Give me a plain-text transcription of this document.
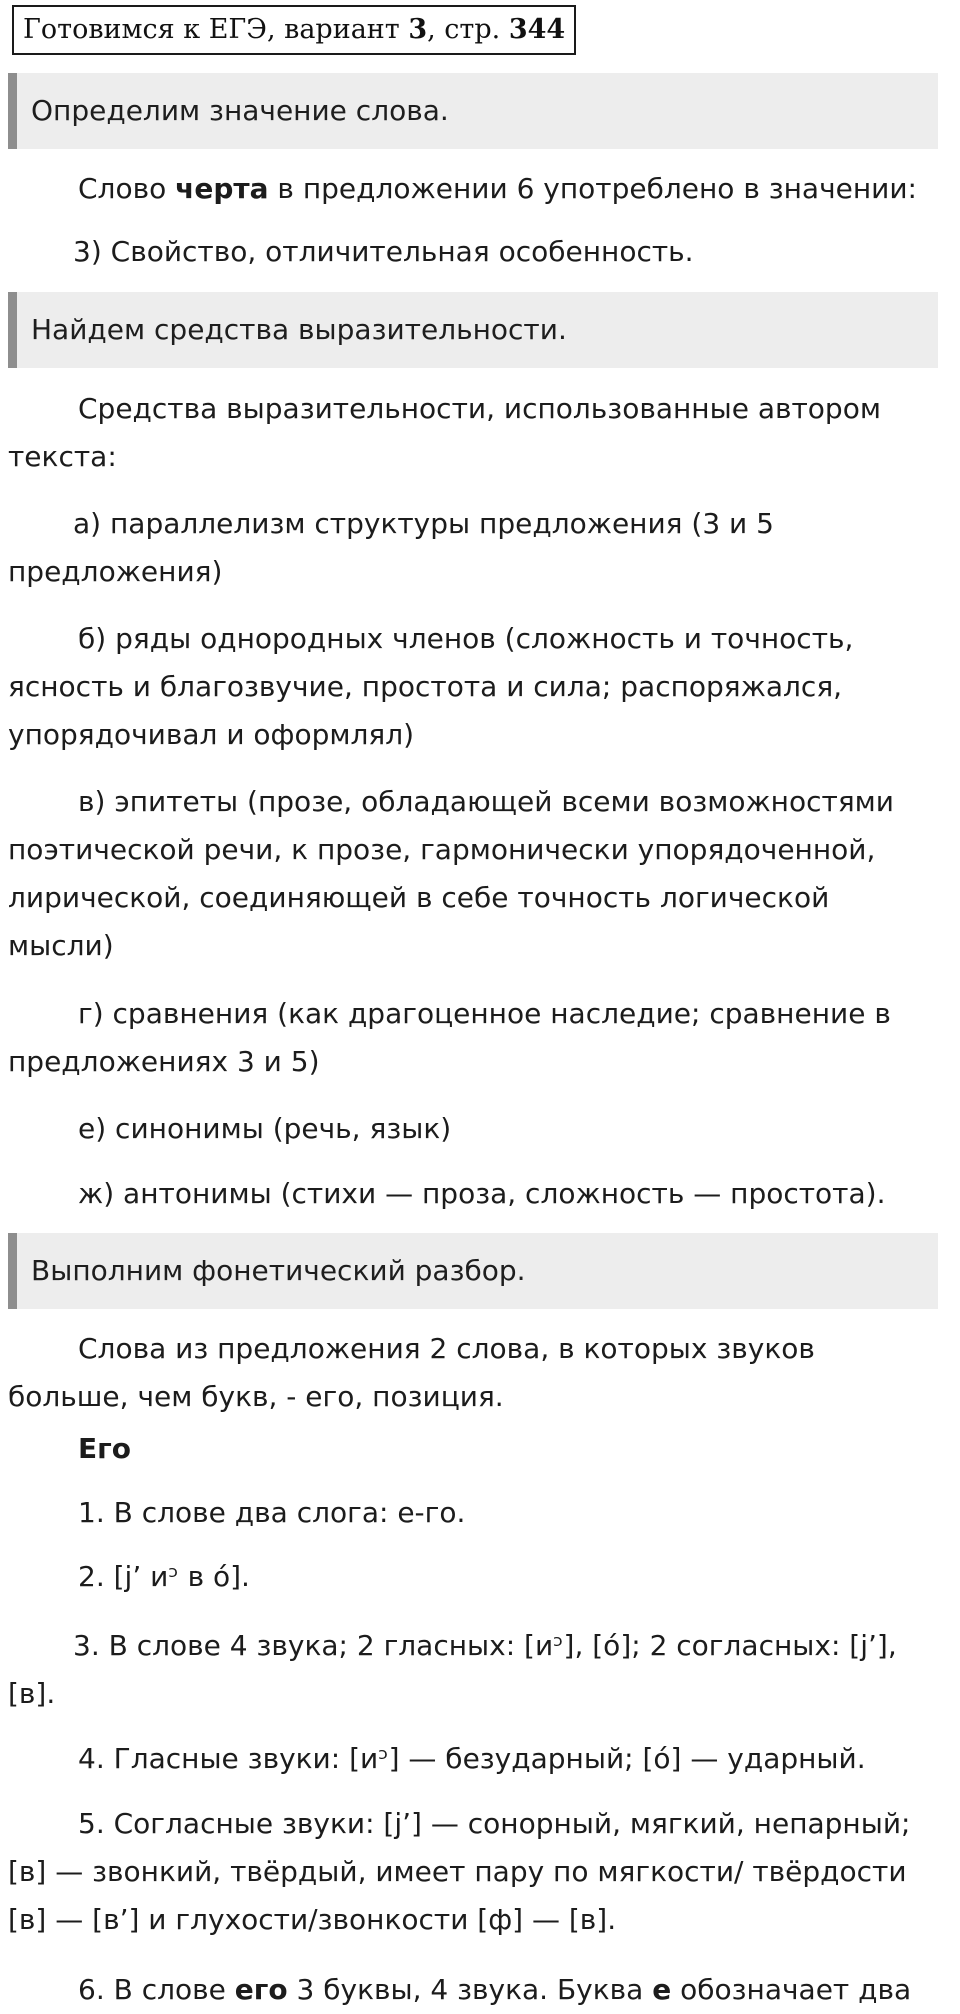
Готовимся к ЕГЭ, вариант 3, стр. 344
Определим значение слова.
Слово черта в предложении 6 употреблено в значении:
3) Свойство, отличительная особенность.
Найдем средства выразительности.
Средства выразительности, использованные автором текста:
а) параллелизм структуры предложения (3 и 5 предложения)
б) ряды однородных членов (сложность и точность, ясность и благозвучие, простота и сила; распоряжался, упорядочивал и оформлял)
в) эпитеты (прозе, обладающей всеми возможностями поэтической речи, к прозе, гармонически упорядоченной, лирической, соединяющей в себе точность логической мысли)
г) сравнения (как драгоценное наследие; сравнение в предложениях 3 и 5)
е) синонимы (речь, язык)
ж) антонимы (стихи — проза, сложность — простота).
Выполним фонетический разбор.
Слова из предложения 2 слова, в которых звуков больше, чем букв, - его, позиция.
Его
1. В слове два слога: е-го.
2. [j’ иᵓ в о́].
3. В слове 4 звука; 2 гласных: [иᵓ], [о́]; 2 согласных: [j’], [в].
4. Гласные звуки: [иᵓ] — безударный; [о́] — ударный.
5. Согласные звуки: [j’] — сонорный, мягкий, непарный; [в] — звонкий, твёрдый, имеет пару по мягкости/ твёрдости [в] — [в’] и глухости/звонкости [ф] — [в].
6. В слове его 3 буквы, 4 звука. Буква е обозначает два
